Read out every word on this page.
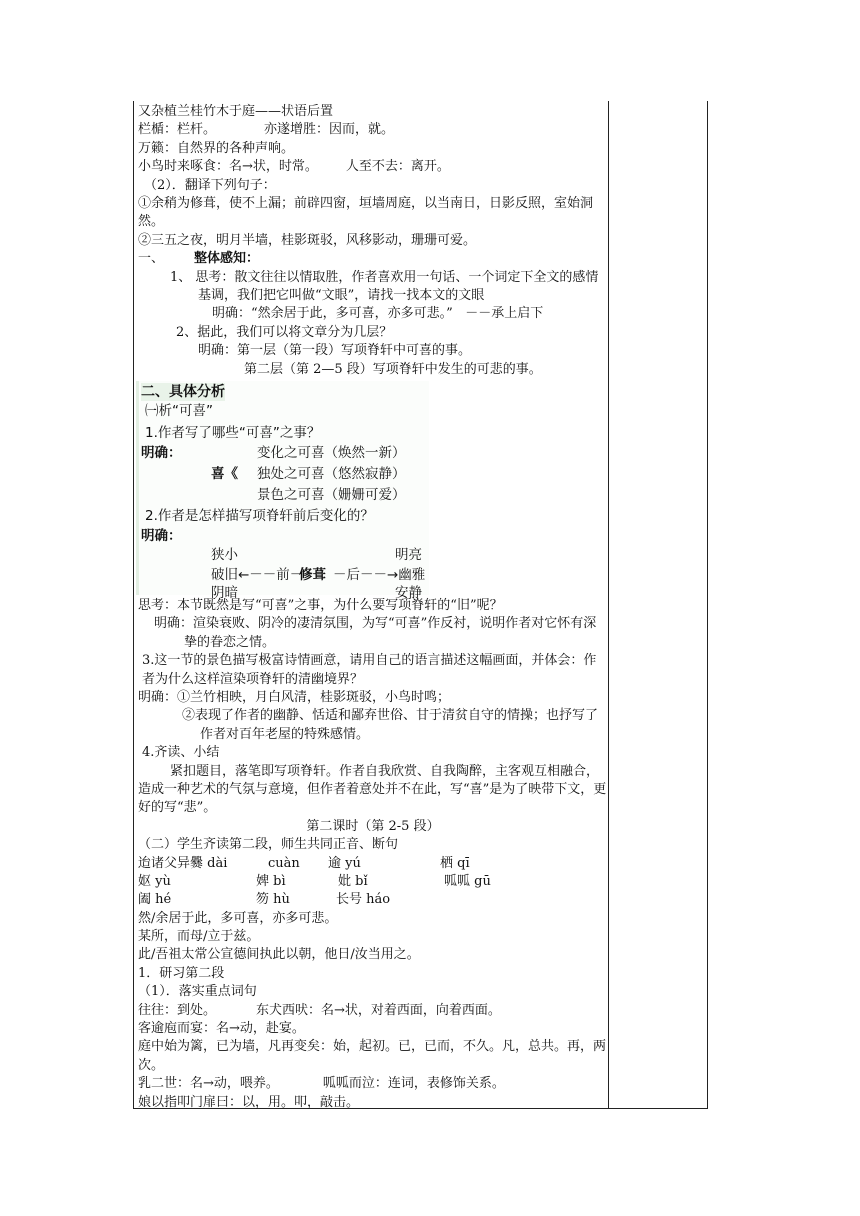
又杂植兰桂竹木于庭——状语后置
栏楯：栏杆。	亦遂增胜：因而，就。
万籁：自然界的各种声响。
小鸟时来啄食：名→状，时常。 人至不去：离开。
（2）．翻译下列句子：
①余稍为修葺，使不上漏；前辟四窗，垣墙周庭，以当南日，日影反照，室始洞然。
②三五之夜，明月半墙，桂影斑驳，风移影动，珊珊可爱。
一、 整体感知：
1、 思考：散文往往以情取胜，作者喜欢用一句话、一个词定下全文的感情基调，我们把它叫做“文眼”，请找一找本文的文眼
明确：“然余居于此，多可喜，亦多可悲。”   －－承上启下
2、据此，我们可以将文章分为几层？
明确：第一层（第一段）写项脊轩中可喜的事。
第二层（第 2—5 段）写项脊轩中发生的可悲的事。
二、具体分析
㈠析“可喜”
1.作者写了哪些“可喜”之事？
明确：	变化之可喜（焕然一新）
喜《 独处之可喜（悠然寂静）
景色之可喜（姗姗可爱）
2.作者是怎样描写项脊轩前后变化的？
明确：
狭小	明亮
破旧←－－前－
修葺 －后－－→幽雅
阴暗	安静
思考：本节既然是写“可喜”之事，为什么要写项脊轩的“旧”呢？
明确：渲染衰败、阴冷的凄清氛围，为写“可喜”作反衬，说明作者对它怀有深挚的眷恋之情。
3.这一节的景色描写极富诗情画意，请用自己的语言描述这幅画面，并体会：作者为什么这样渲染项脊轩的清幽境界？
明确：①兰竹相映，月白风清，桂影斑驳，小鸟时鸣；
②表现了作者的幽静、恬适和鄙弃世俗、甘于清贫自守的情操；也抒写了作者对百年老屋的特殊感情。
4.齐读、小结
紧扣题目，落笔即写项脊轩。作者自我欣赏、自我陶醉，主客观互相融合，造成一种艺术的气氛与意境，但作者着意处并不在此，写“喜”是为了映带下文，更好的写“悲”。
第二课时（第 2-5 段）
（二）学生齐读第二段，师生共同正音、断句
迨诸父异爨 dài	cuàn 逾 yú	栖 qī
妪 yù	婢 bì	妣 bǐ	呱呱 gū
阖 hé	笏 hù	长号 háo
然/余居于此，多可喜，亦多可悲。
某所，而母/立于兹。
此/吾祖太常公宣德间执此以朝，他日/汝当用之。
1．研习第二段
（1）．落实重点词句
往往：到处。	东犬西吠：名→状，对着西面，向着西面。
客逾庖而宴：名→动，赴宴。
庭中始为篱，已为墙，凡再变矣：始，起初。已，已而，不久。凡，总共。再，两次。
乳二世：名→动，喂养。	呱呱而泣：连词，表修饰关系。
娘以指叩门扉曰：以，用。叩，敲击。
